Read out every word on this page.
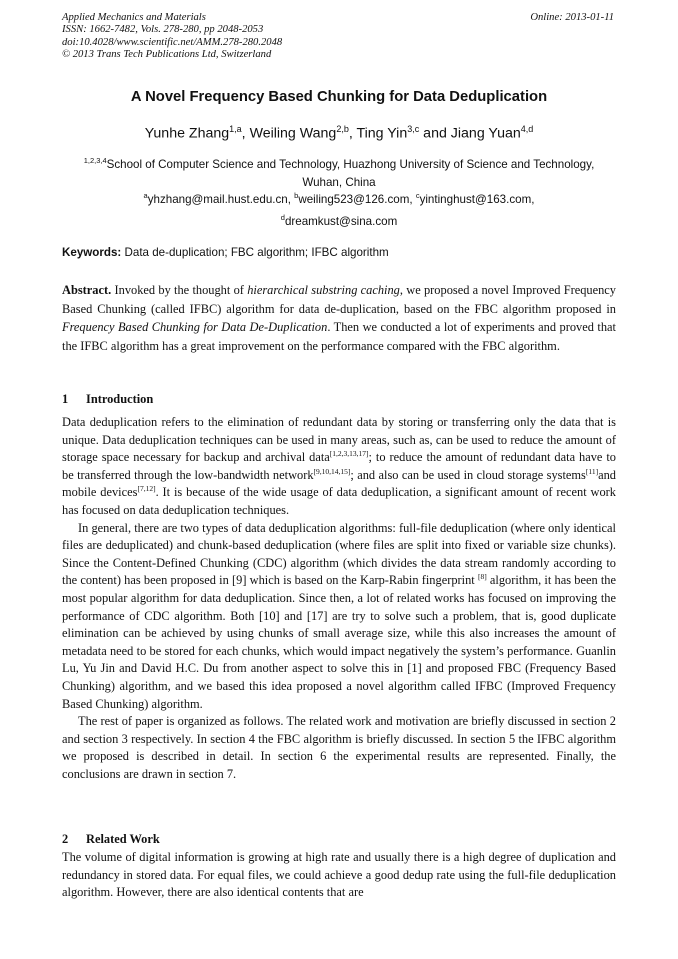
Applied Mechanics and Materials
ISSN: 1662-7482, Vols. 278-280, pp 2048-2053
doi:10.4028/www.scientific.net/AMM.278-280.2048
© 2013 Trans Tech Publications Ltd, Switzerland
Online: 2013-01-11
A Novel Frequency Based Chunking for Data Deduplication
Yunhe Zhang$^{1,a}$, Weiling Wang$^{2,b}$, Ting Yin$^{3,c}$ and Jiang Yuan$^{4,d}$
$^{1,2,3,4}$School of Computer Science and Technology, Huazhong University of Science and Technology,
Wuhan, China
$^a$yhzhang@mail.hust.edu.cn, $^b$weiling523@126.com, $^c$yintinghust@163.com,
$^d$dreamkust@sina.com
Keywords: Data de-duplication; FBC algorithm; IFBC algorithm
Abstract. Invoked by the thought of hierarchical substring caching, we proposed a novel Improved Frequency Based Chunking (called IFBC) algorithm for data de-duplication, based on the FBC algorithm proposed in Frequency Based Chunking for Data De-Duplication. Then we conducted a lot of experiments and proved that the IFBC algorithm has a great improvement on the performance compared with the FBC algorithm.
1 Introduction

Data deduplication refers to the elimination of redundant data by storing or transferring only the data that is unique. Data deduplication techniques can be used in many areas, such as, can be used to reduce the amount of storage space necessary for backup and archival data[1,2,3,13,17]; to reduce the amount of redundant data have to be transferred through the low-bandwidth network[9,10,14,15]; and also can be used in cloud storage systems[11]and mobile devices[7,12]. It is because of the wide usage of data deduplication, a significant amount of recent work has focused on data deduplication techniques.

In general, there are two types of data deduplication algorithms: full-file deduplication (where only identical files are deduplicated) and chunk-based deduplication (where files are split into fixed or variable size chunks). Since the Content-Defined Chunking (CDC) algorithm (which divides the data stream randomly according to the content) has been proposed in [9] which is based on the Karp-Rabin fingerprint [8] algorithm, it has been the most popular algorithm for data deduplication. Since then, a lot of related works has focused on improving the performance of CDC algorithm. Both [10] and [17] are try to solve such a problem, that is, good duplicate elimination can be achieved by using chunks of small average size, while this also increases the amount of metadata need to be stored for each chunks, which would impact negatively the system’s performance. Guanlin Lu, Yu Jin and David H.C. Du from another aspect to solve this in [1] and proposed FBC (Frequency Based Chunking) algorithm, and we based this idea proposed a novel algorithm called IFBC (Improved Frequency Based Chunking) algorithm.

The rest of paper is organized as follows. The related work and motivation are briefly discussed in section 2 and section 3 respectively. In section 4 the FBC algorithm is briefly discussed. In section 5 the IFBC algorithm we proposed is described in detail. In section 6 the experimental results are represented. Finally, the conclusions are drawn in section 7.

2 Related Work

The volume of digital information is growing at high rate and usually there is a high degree of duplication and redundancy in stored data. For equal files, we could achieve a good dedup rate using the full-file deduplication algorithm. However, there are also identical contents that are
